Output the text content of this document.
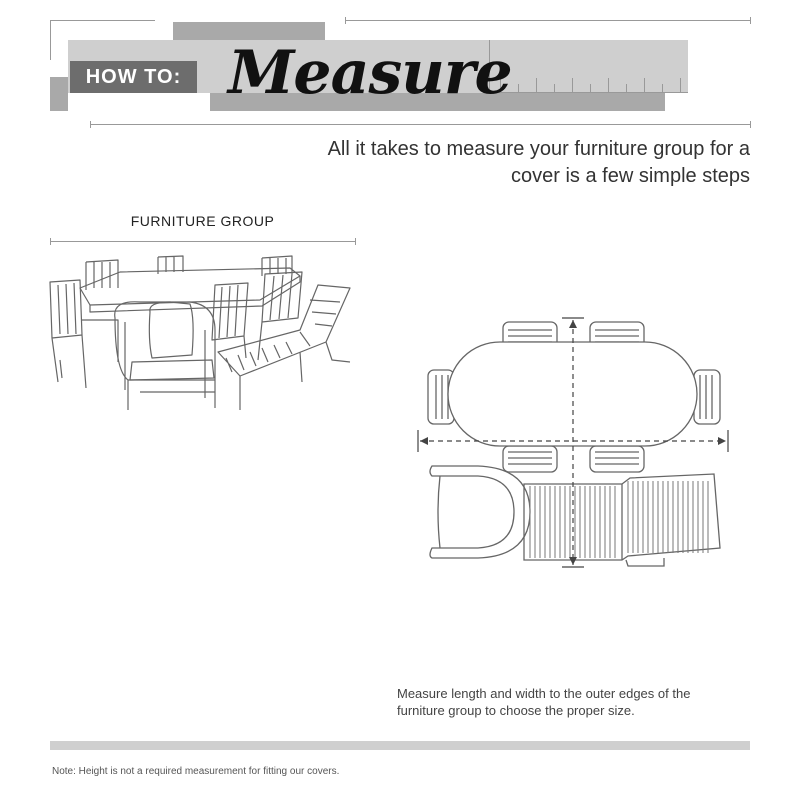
HOW TO: Measure
All it takes to measure your furniture group for a
cover is a few simple steps
FURNITURE GROUP
Measure length and width to the outer edges of the
furniture group to choose the proper size.
Note: Height is not a required measurement for fitting our covers.
